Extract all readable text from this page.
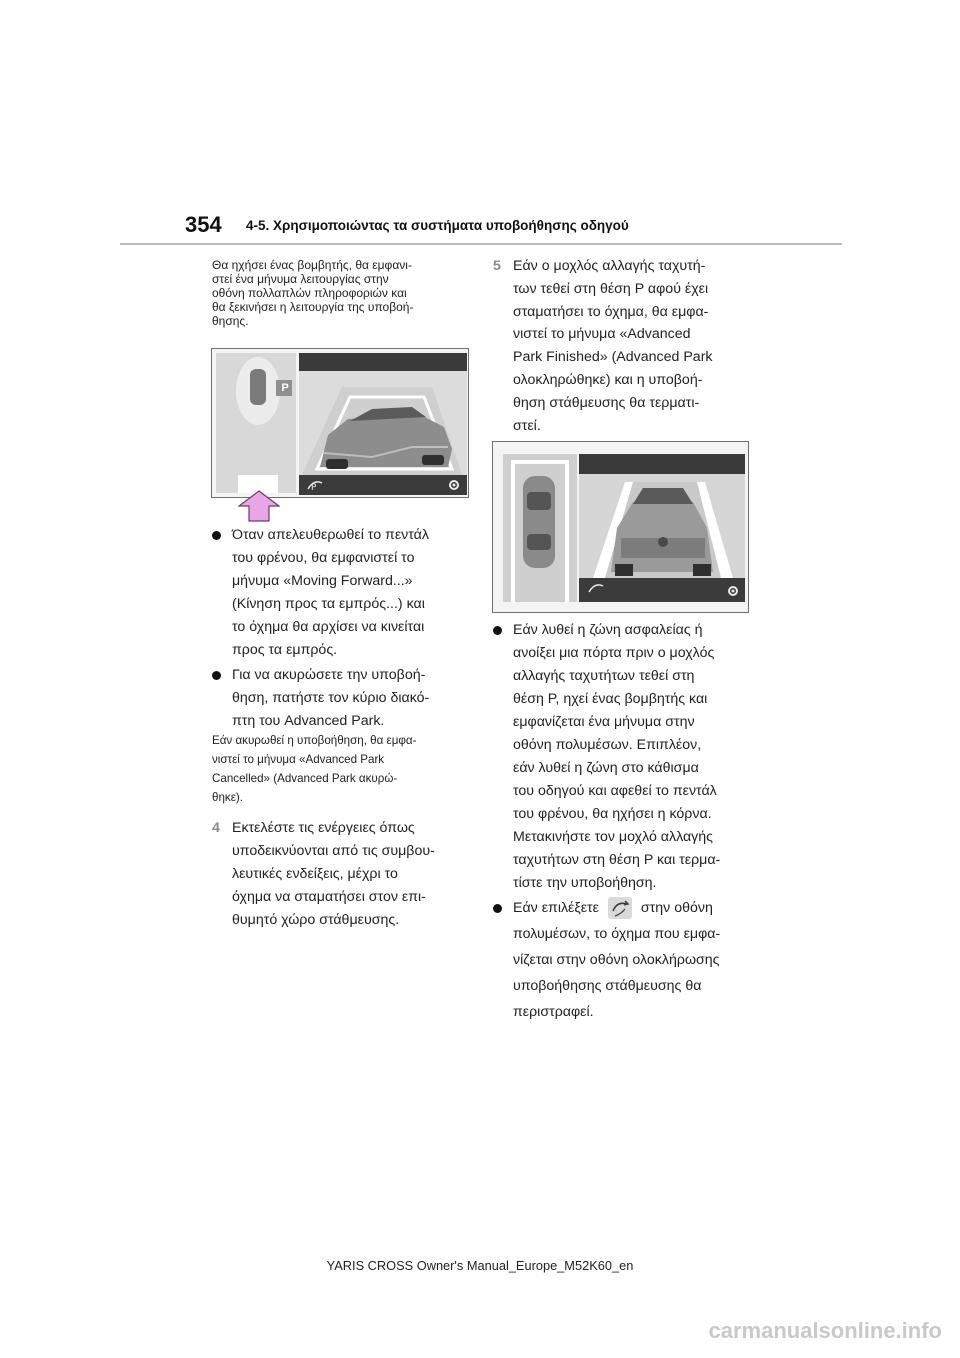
354 4-5. Χρησιμοποιώντας τα συστήματα υποβοήθησης οδηγού
Θα ηχήσει ένας βομβητής, θα εμφανι-
στεί ένα μήνυμα λειτουργίας στην
οθόνη πολλαπλών πληροφοριών και
θα ξεκινήσει η λειτουργία της υποβοή-
θησης.
P
P
Όταν απελευθερωθεί το πεντάλ
του φρένου, θα εμφανιστεί το
μήνυμα «Moving Forward...»
(Κίνηση προς τα εμπρός...) και
το όχημα θα αρχίσει να κινείται
προς τα εμπρός.
Για να ακυρώσετε την υποβοή-
θηση, πατήστε τον κύριο διακό-
πτη του Advanced Park.
Εάν ακυρωθεί η υποβοήθηση, θα εμφα-
νιστεί το μήνυμα «Advanced Park
Cancelled» (Advanced Park ακυρώ-
θηκε).
4 Εκτελέστε τις ενέργειες όπως
υποδεικνύονται από τις συμβου-
λευτικές ενδείξεις, μέχρι το
όχημα να σταματήσει στον επι-
θυμητό χώρο στάθμευσης.
5 Εάν ο μοχλός αλλαγής ταχυτή-
των τεθεί στη θέση P αφού έχει
σταματήσει το όχημα, θα εμφα-
νιστεί το μήνυμα «Advanced
Park Finished» (Advanced Park
ολοκληρώθηκε) και η υποβοή-
θηση στάθμευσης θα τερματι-
στεί.
Εάν λυθεί η ζώνη ασφαλείας ή
ανοίξει μια πόρτα πριν ο μοχλός
αλλαγής ταχυτήτων τεθεί στη
θέση P, ηχεί ένας βομβητής και
εμφανίζεται ένα μήνυμα στην
οθόνη πολυμέσων. Επιπλέον,
εάν λυθεί η ζώνη στο κάθισμα
του οδηγού και αφεθεί το πεντάλ
του φρένου, θα ηχήσει η κόρνα.
Μετακινήστε τον μοχλό αλλαγής
ταχυτήτων στη θέση P και τερμα-
τίστε την υποβοήθηση.
Εάν επιλέξετε	στην οθόνη
πολυμέσων, το όχημα που εμφα-
νίζεται στην οθόνη ολοκλήρωσης
υποβοήθησης στάθμευσης θα
περιστραφεί.
YARIS CROSS Owner's Manual_Europe_M52K60_en
carmanualsonline.info
